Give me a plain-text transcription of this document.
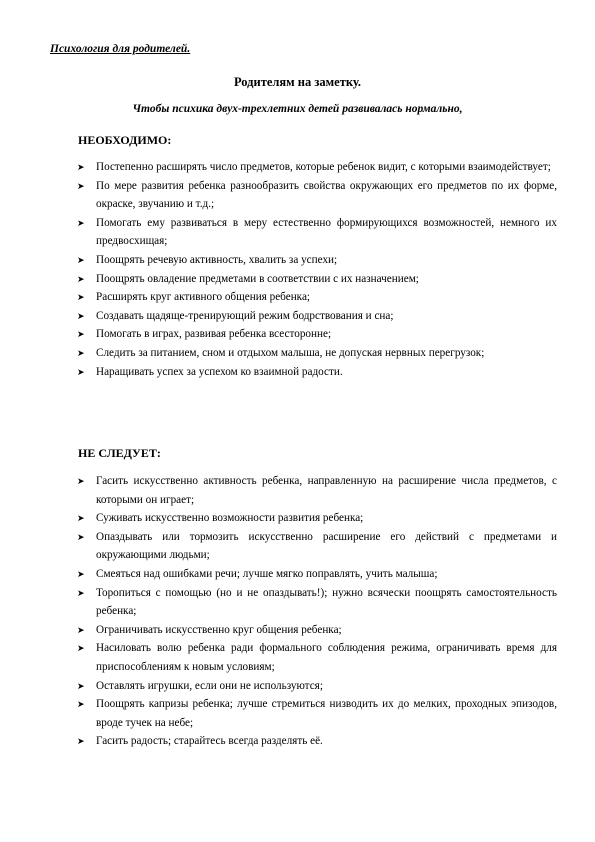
Психология для родителей.
Родителям на заметку.
Чтобы психика двух-трехлетних детей развивалась нормально,
НЕОБХОДИМО:
➤ Постепенно расширять число предметов, которые ребенок видит, с которыми взаимодействует;
➤ По мере развития ребенка разнообразить свойства окружающих его предметов по их форме, окраске, звучанию и т.д.;
➤ Помогать ему развиваться в меру естественно формирующихся возможностей, немного их предвосхищая;
➤ Поощрять речевую активность, хвалить за успехи;
➤ Поощрять овладение предметами в соответствии с их назначением;
➤ Расширять круг активного общения ребенка;
➤ Создавать щадяще-тренирующий режим бодрствования и сна;
➤ Помогать в играх, развивая ребенка всесторонне;
➤ Следить за питанием, сном и отдыхом малыша, не допуская нервных перегрузок;
➤ Наращивать успех за успехом ко взаимной радости.
НЕ СЛЕДУЕТ:
➤ Гасить искусственно активность ребенка, направленную на расширение числа предметов, с которыми он играет;
➤ Суживать искусственно возможности развития ребенка;
➤ Опаздывать или тормозить искусственно расширение его действий с предметами и окружающими людьми;
➤ Смеяться над ошибками речи; лучше мягко поправлять, учить малыша;
➤ Торопиться с помощью (но и не опаздывать!); нужно всячески поощрять самостоятельность ребенка;
➤ Ограничивать искусственно круг общения ребенка;
➤ Насиловать волю ребенка ради формального соблюдения режима, ограничивать время для приспособлениям к новым условиям;
➤ Оставлять игрушки, если они не используются;
➤ Поощрять капризы ребенка; лучше стремиться низводить их до мелких, проходных эпизодов, вроде тучек на небе;
➤ Гасить радость; старайтесь всегда разделять её.
